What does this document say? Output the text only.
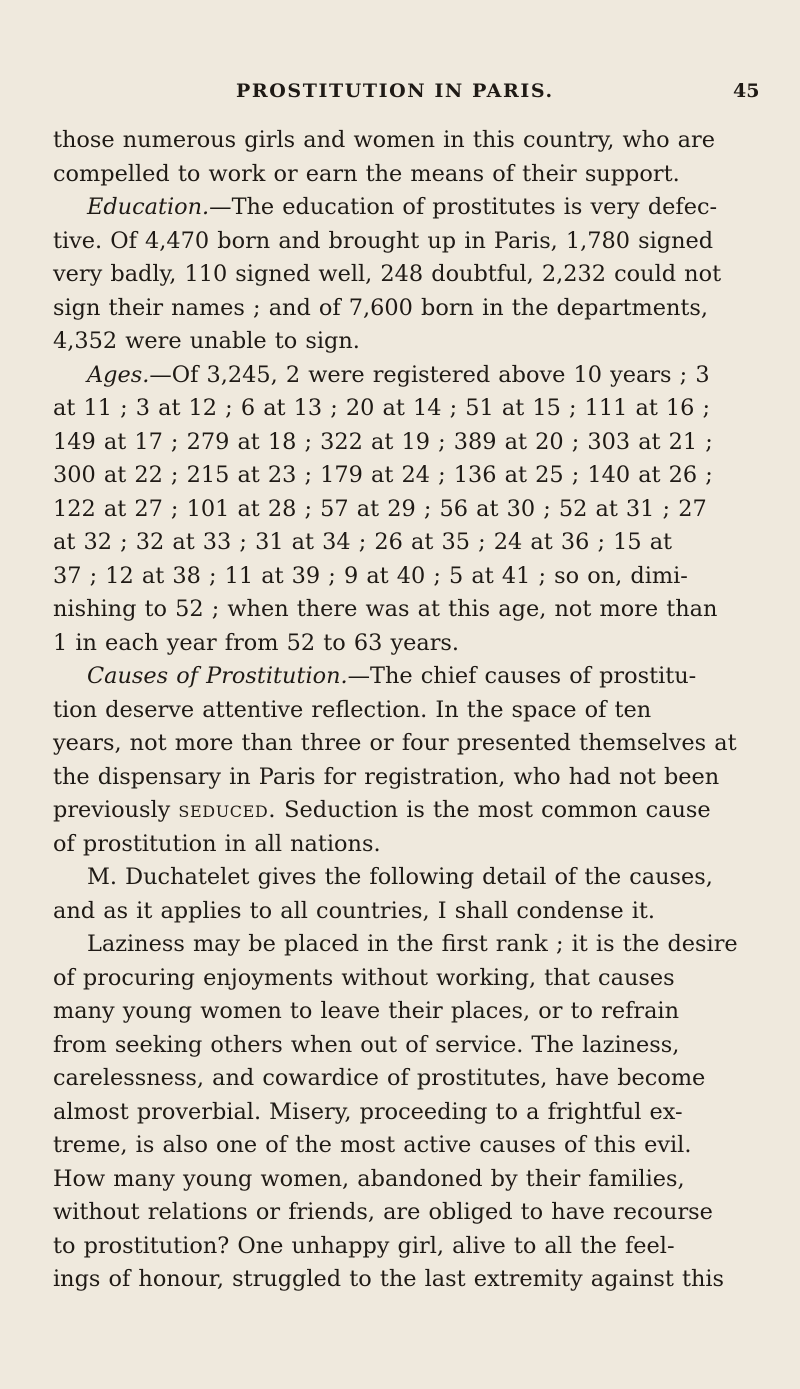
PROSTITUTION IN PARIS.	45
those numerous girls and women in this country, who are
compelled to work or earn the means of their support.
Education.—The education of prostitutes is very defec-
tive. Of 4,470 born and brought up in Paris, 1,780 signed
very badly, 110 signed well, 248 doubtful, 2,232 could not
sign their names ; and of 7,600 born in the departments,
4,352 were unable to sign.
Ages.—Of 3,245, 2 were registered above 10 years ; 3
at 11 ; 3 at 12 ; 6 at 13 ; 20 at 14 ; 51 at 15 ; 111 at 16 ;
149 at 17 ; 279 at 18 ; 322 at 19 ; 389 at 20 ; 303 at 21 ;
300 at 22 ; 215 at 23 ; 179 at 24 ; 136 at 25 ; 140 at 26 ;
122 at 27 ; 101 at 28 ; 57 at 29 ; 56 at 30 ; 52 at 31 ; 27
at 32 ; 32 at 33 ; 31 at 34 ; 26 at 35 ; 24 at 36 ; 15 at
37 ; 12 at 38 ; 11 at 39 ; 9 at 40 ; 5 at 41 ; so on, dimi-
nishing to 52 ; when there was at this age, not more than
1 in each year from 52 to 63 years.
Causes of Prostitution.—The chief causes of prostitu-
tion deserve attentive reflection. In the space of ten
years, not more than three or four presented themselves at
the dispensary in Paris for registration, who had not been
previously seduced. Seduction is the most common cause
of prostitution in all nations.
M. Duchatelet gives the following detail of the causes,
and as it applies to all countries, I shall condense it.
Laziness may be placed in the first rank ; it is the desire
of procuring enjoyments without working, that causes
many young women to leave their places, or to refrain
from seeking others when out of service. The laziness,
carelessness, and cowardice of prostitutes, have become
almost proverbial. Misery, proceeding to a frightful ex-
treme, is also one of the most active causes of this evil.
How many young women, abandoned by their families,
without relations or friends, are obliged to have recourse
to prostitution? One unhappy girl, alive to all the feel-
ings of honour, struggled to the last extremity against this
